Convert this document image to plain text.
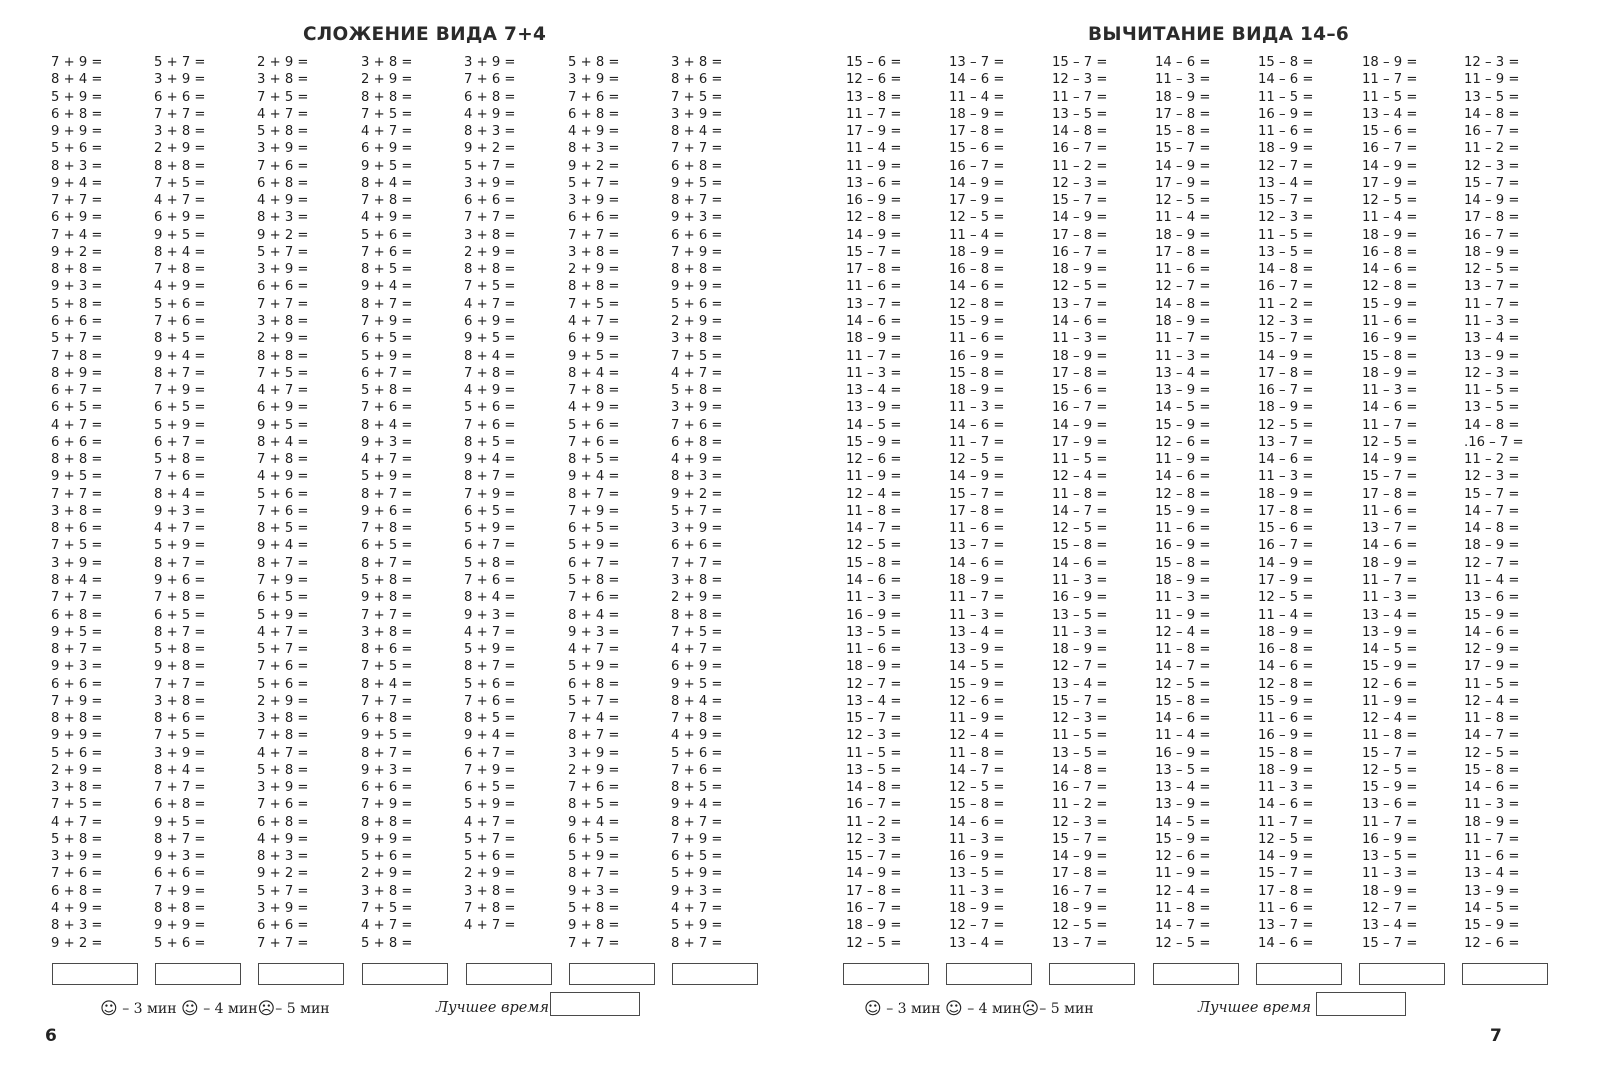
СЛОЖЕНИЕ ВИДА 7+4
7 + 9 =
8 + 4 =
5 + 9 =
6 + 8 =
9 + 9 =
5 + 6 =
8 + 3 =
9 + 4 =
7 + 7 =
6 + 9 =
7 + 4 =
9 + 2 =
8 + 8 =
9 + 3 =
5 + 8 =
6 + 6 =
5 + 7 =
7 + 8 =
8 + 9 =
6 + 7 =
6 + 5 =
4 + 7 =
6 + 6 =
8 + 8 =
9 + 5 =
7 + 7 =
3 + 8 =
8 + 6 =
7 + 5 =
3 + 9 =
8 + 4 =
7 + 7 =
6 + 8 =
9 + 5 =
8 + 7 =
9 + 3 =
6 + 6 =
7 + 9 =
8 + 8 =
9 + 9 =
5 + 6 =
2 + 9 =
3 + 8 =
7 + 5 =
4 + 7 =
5 + 8 =
3 + 9 =
7 + 6 =
6 + 8 =
4 + 9 =
8 + 3 =
9 + 2 =
5 + 7 =
3 + 9 =
6 + 6 =
7 + 7 =
3 + 8 =
2 + 9 =
8 + 8 =
7 + 5 =
4 + 7 =
6 + 9 =
9 + 5 =
8 + 4 =
7 + 8 =
4 + 9 =
5 + 6 =
7 + 6 =
8 + 5 =
9 + 4 =
8 + 7 =
7 + 9 =
6 + 5 =
5 + 9 =
6 + 7 =
5 + 8 =
7 + 6 =
8 + 4 =
9 + 3 =
4 + 7 =
5 + 9 =
8 + 7 =
9 + 6 =
7 + 8 =
6 + 5 =
8 + 7 =
5 + 8 =
9 + 8 =
7 + 7 =
3 + 8 =
8 + 6 =
7 + 5 =
3 + 9 =
8 + 4 =
7 + 7 =
6 + 8 =
9 + 5 =
8 + 7 =
9 + 3 =
6 + 6 =
7 + 9 =
8 + 8 =
9 + 9 =
5 + 6 =
2 + 9 =
3 + 8 =
7 + 5 =
4 + 7 =
5 + 8 =
3 + 9 =
7 + 6 =
6 + 8 =
4 + 9 =
8 + 3 =
9 + 2 =
5 + 7 =
3 + 9 =
6 + 6 =
7 + 7 =
3 + 8 =
2 + 9 =
8 + 8 =
7 + 5 =
4 + 7 =
6 + 9 =
9 + 5 =
8 + 4 =
7 + 8 =
4 + 9 =
5 + 6 =
7 + 6 =
8 + 5 =
9 + 4 =
8 + 7 =
7 + 9 =
6 + 5 =
5 + 9 =
4 + 7 =
5 + 7 =
7 + 6 =
5 + 6 =
2 + 9 =
3 + 8 =
7 + 8 =
4 + 7 =
5 + 8 =
3 + 9 =
7 + 6 =
6 + 8 =
4 + 9 =
8 + 3 =
9 + 2 =
5 + 7 =
3 + 9 =
6 + 6 =
7 + 7 =
3 + 8 =
2 + 9 =
8 + 8 =
7 + 5 =
4 + 7 =
6 + 9 =
9 + 5 =
8 + 4 =
7 + 8 =
4 + 9 =
5 + 6 =
7 + 6 =
8 + 5 =
9 + 4 =
8 + 7 =
7 + 9 =
6 + 5 =
5 + 9 =
6 + 7 =
5 + 8 =
7 + 6 =
8 + 4 =
9 + 3 =
4 + 7 =
5 + 9 =
8 + 7 =
9 + 6 =
7 + 8 =
6 + 5 =
8 + 7 =
5 + 8 =
9 + 8 =
7 + 7 =
3 + 8 =
8 + 6 =
7 + 5 =
8 + 4 =
7 + 7 =
6 + 8 =
9 + 5 =
8 + 7 =
9 + 3 =
6 + 6 =
7 + 9 =
8 + 8 =
9 + 9 =
5 + 6 =
2 + 9 =
3 + 8 =
7 + 5 =
4 + 7 =
5 + 8 =
3 + 9 =
7 + 6 =
6 + 8 =
4 + 9 =
8 + 3 =
9 + 2 =
5 + 7 =
3 + 9 =
6 + 6 =
7 + 7 =
3 + 8 =
2 + 9 =
8 + 8 =
7 + 5 =
4 + 7 =
6 + 9 =
9 + 5 =
8 + 4 =
7 + 8 =
4 + 9 =
5 + 6 =
7 + 6 =
8 + 5 =
9 + 4 =
8 + 7 =
7 + 9 =
6 + 5 =
5 + 9 =
6 + 7 =
5 + 8 =
7 + 6 =
8 + 4 =
9 + 3 =
4 + 7 =
5 + 9 =
8 + 7 =
5 + 6 =
7 + 6 =
8 + 5 =
9 + 4 =
6 + 7 =
7 + 9 =
6 + 5 =
5 + 9 =
4 + 7 =
5 + 7 =
5 + 6 =
2 + 9 =
3 + 8 =
7 + 8 =
4 + 7 =
5 + 8 =
3 + 9 =
7 + 6 =
6 + 8 =
4 + 9 =
8 + 3 =
9 + 2 =
5 + 7 =
3 + 9 =
6 + 6 =
7 + 7 =
3 + 8 =
2 + 9 =
8 + 8 =
7 + 5 =
4 + 7 =
6 + 9 =
9 + 5 =
8 + 4 =
7 + 8 =
4 + 9 =
5 + 6 =
7 + 6 =
8 + 5 =
9 + 4 =
8 + 7 =
7 + 9 =
6 + 5 =
5 + 9 =
6 + 7 =
5 + 8 =
7 + 6 =
8 + 4 =
9 + 3 =
4 + 7 =
5 + 9 =
6 + 8 =
5 + 7 =
7 + 4 =
8 + 7 =
3 + 9 =
2 + 9 =
7 + 6 =
8 + 5 =
9 + 4 =
6 + 5 =
5 + 9 =
8 + 7 =
9 + 3 =
5 + 8 =
9 + 8 =
7 + 7 =
3 + 8 =
8 + 6 =
7 + 5 =
3 + 9 =
8 + 4 =
7 + 7 =
6 + 8 =
9 + 5 =
8 + 7 =
9 + 3 =
6 + 6 =
7 + 9 =
8 + 8 =
9 + 9 =
5 + 6 =
2 + 9 =
3 + 8 =
7 + 5 =
4 + 7 =
5 + 8 =
3 + 9 =
7 + 6 =
6 + 8 =
4 + 9 =
8 + 3 =
9 + 2 =
5 + 7 =
3 + 9 =
6 + 6 =
7 + 7 =
3 + 8 =
2 + 9 =
8 + 8 =
7 + 5 =
4 + 7 =
6 + 9 =
9 + 5 =
8 + 4 =
7 + 8 =
4 + 9 =
5 + 6 =
7 + 6 =
8 + 5 =
9 + 4 =
8 + 7 =
7 + 9 =
6 + 5 =
5 + 9 =
9 + 3 =
4 + 7 =
5 + 9 =
8 + 7 =
☺ – 3 мин ☺ – 4 мин☹– 5 мин	Лучшее время
6
ВЫЧИТАНИЕ ВИДА 14–6
15 – 6 =
12 – 6 =
13 – 8 =
11 – 7 =
17 – 9 =
11 – 4 =
11 – 9 =
13 – 6 =
16 – 9 =
12 – 8 =
14 – 9 =
15 – 7 =
17 – 8 =
11 – 6 =
13 – 7 =
14 – 6 =
18 – 9 =
11 – 7 =
11 – 3 =
13 – 4 =
13 – 9 =
14 – 5 =
15 – 9 =
12 – 6 =
11 – 9 =
12 – 4 =
11 – 8 =
14 – 7 =
12 – 5 =
15 – 8 =
14 – 6 =
11 – 3 =
16 – 9 =
13 – 5 =
11 – 6 =
18 – 9 =
12 – 7 =
13 – 4 =
15 – 7 =
12 – 3 =
11 – 5 =
13 – 5 =
14 – 8 =
16 – 7 =
11 – 2 =
12 – 3 =
15 – 7 =
14 – 9 =
17 – 8 =
16 – 7 =
18 – 9 =
12 – 5 =
13 – 7 =
14 – 6 =
11 – 4 =
18 – 9 =
17 – 8 =
15 – 6 =
16 – 7 =
14 – 9 =
17 – 9 =
12 – 5 =
11 – 4 =
18 – 9 =
16 – 8 =
14 – 6 =
12 – 8 =
15 – 9 =
11 – 6 =
16 – 9 =
15 – 8 =
18 – 9 =
11 – 3 =
14 – 6 =
11 – 7 =
12 – 5 =
14 – 9 =
15 – 7 =
17 – 8 =
11 – 6 =
13 – 7 =
14 – 6 =
18 – 9 =
11 – 7 =
11 – 3 =
13 – 4 =
13 – 9 =
14 – 5 =
15 – 9 =
12 – 6 =
11 – 9 =
12 – 4 =
11 – 8 =
14 – 7 =
12 – 5 =
15 – 8 =
14 – 6 =
11 – 3 =
16 – 9 =
13 – 5 =
11 – 3 =
18 – 9 =
12 – 7 =
13 – 4 =
15 – 7 =
12 – 3 =
11 – 7 =
13 – 5 =
14 – 8 =
16 – 7 =
11 – 2 =
12 – 3 =
15 – 7 =
14 – 9 =
17 – 8 =
16 – 7 =
18 – 9 =
12 – 5 =
13 – 7 =
14 – 6 =
11 – 3 =
18 – 9 =
17 – 8 =
15 – 6 =
16 – 7 =
14 – 9 =
17 – 9 =
11 – 5 =
12 – 4 =
11 – 8 =
14 – 7 =
12 – 5 =
15 – 8 =
14 – 6 =
11 – 3 =
16 – 9 =
13 – 5 =
11 – 3 =
18 – 9 =
12 – 7 =
13 – 4 =
15 – 7 =
12 – 3 =
11 – 5 =
13 – 5 =
14 – 8 =
16 – 7 =
11 – 2 =
12 – 3 =
15 – 7 =
14 – 9 =
17 – 8 =
16 – 7 =
18 – 9 =
12 – 5 =
13 – 7 =
14 – 6 =
11 – 3 =
18 – 9 =
17 – 8 =
15 – 8 =
15 – 7 =
14 – 9 =
17 – 9 =
12 – 5 =
11 – 4 =
18 – 9 =
17 – 8 =
11 – 6 =
12 – 7 =
14 – 8 =
18 – 9 =
11 – 7 =
11 – 3 =
13 – 4 =
13 – 9 =
14 – 5 =
15 – 9 =
12 – 6 =
11 – 9 =
14 – 6 =
12 – 8 =
15 – 9 =
11 – 6 =
16 – 9 =
15 – 8 =
18 – 9 =
11 – 3 =
11 – 9 =
12 – 4 =
11 – 8 =
14 – 7 =
12 – 5 =
15 – 8 =
14 – 6 =
11 – 4 =
16 – 9 =
13 – 5 =
13 – 4 =
13 – 9 =
14 – 5 =
15 – 9 =
12 – 6 =
11 – 9 =
12 – 4 =
11 – 8 =
14 – 7 =
12 – 5 =
15 – 8 =
14 – 6 =
11 – 5 =
16 – 9 =
11 – 6 =
18 – 9 =
12 – 7 =
13 – 4 =
15 – 7 =
12 – 3 =
11 – 5 =
13 – 5 =
14 – 8 =
16 – 7 =
11 – 2 =
12 – 3 =
15 – 7 =
14 – 9 =
17 – 8 =
16 – 7 =
18 – 9 =
12 – 5 =
13 – 7 =
14 – 6 =
11 – 3 =
18 – 9 =
17 – 8 =
15 – 6 =
16 – 7 =
14 – 9 =
17 – 9 =
12 – 5 =
11 – 4 =
18 – 9 =
16 – 8 =
14 – 6 =
12 – 8 =
15 – 9 =
11 – 6 =
16 – 9 =
15 – 8 =
18 – 9 =
11 – 3 =
14 – 6 =
11 – 7 =
12 – 5 =
14 – 9 =
15 – 7 =
17 – 8 =
11 – 6 =
13 – 7 =
14 – 6 =
18 – 9 =
11 – 7 =
11 – 5 =
13 – 4 =
15 – 6 =
16 – 7 =
14 – 9 =
17 – 9 =
12 – 5 =
11 – 4 =
18 – 9 =
16 – 8 =
14 – 6 =
12 – 8 =
15 – 9 =
11 – 6 =
16 – 9 =
15 – 8 =
18 – 9 =
11 – 3 =
14 – 6 =
11 – 7 =
12 – 5 =
14 – 9 =
15 – 7 =
17 – 8 =
11 – 6 =
13 – 7 =
14 – 6 =
18 – 9 =
11 – 7 =
11 – 3 =
13 – 4 =
13 – 9 =
14 – 5 =
15 – 9 =
12 – 6 =
11 – 9 =
12 – 4 =
11 – 8 =
15 – 7 =
12 – 5 =
15 – 9 =
13 – 6 =
11 – 7 =
16 – 9 =
13 – 5 =
11 – 3 =
18 – 9 =
12 – 7 =
13 – 4 =
15 – 7 =
12 – 3 =
11 – 9 =
13 – 5 =
14 – 8 =
16 – 7 =
11 – 2 =
12 – 3 =
15 – 7 =
14 – 9 =
17 – 8 =
16 – 7 =
18 – 9 =
12 – 5 =
13 – 7 =
11 – 7 =
11 – 3 =
13 – 4 =
13 – 9 =
12 – 3 =
11 – 5 =
13 – 5 =
14 – 8 =
.16 – 7 =
11 – 2 =
12 – 3 =
15 – 7 =
14 – 7 =
14 – 8 =
18 – 9 =
12 – 7 =
11 – 4 =
13 – 6 =
15 – 9 =
14 – 6 =
12 – 9 =
17 – 9 =
11 – 5 =
12 – 4 =
11 – 8 =
14 – 7 =
12 – 5 =
15 – 8 =
14 – 6 =
11 – 3 =
18 – 9 =
11 – 7 =
11 – 6 =
13 – 4 =
13 – 9 =
14 – 5 =
15 – 9 =
12 – 6 =
☺ – 3 мин ☺ – 4 мин☹– 5 мин	Лучшее время
7
